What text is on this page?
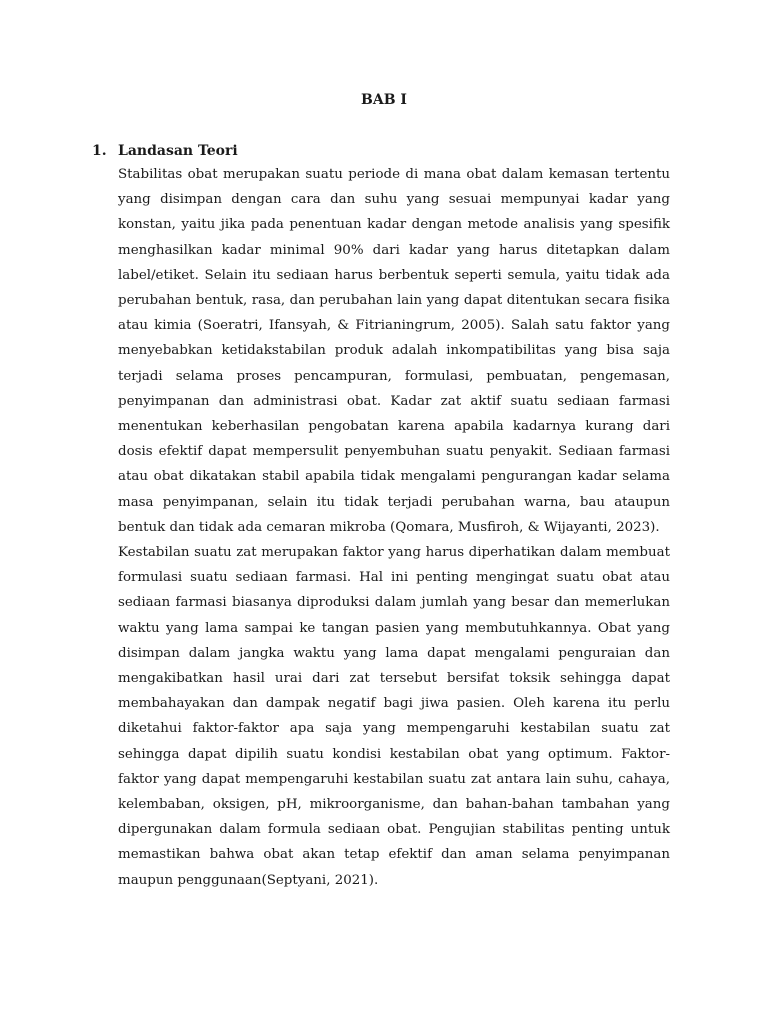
BAB I
1. Landasan Teori

Stabilitas obat merupakan suatu periode di mana obat dalam kemasan tertentu yang disimpan dengan cara dan suhu yang sesuai mempunyai kadar yang konstan, yaitu jika pada penentuan kadar dengan metode analisis yang spesifik menghasilkan kadar minimal 90% dari kadar yang harus ditetapkan dalam label/etiket. Selain itu sediaan harus berbentuk seperti semula, yaitu tidak ada perubahan bentuk, rasa, dan perubahan lain yang dapat ditentukan secara fisika atau kimia (Soeratri, Ifansyah, & Fitrianingrum, 2005). Salah satu faktor yang menyebabkan ketidakstabilan produk adalah inkompatibilitas yang bisa saja terjadi selama proses pencampuran, formulasi, pembuatan, pengemasan, penyimpanan dan administrasi obat. Kadar zat aktif suatu sediaan farmasi menentukan keberhasilan pengobatan karena apabila kadarnya kurang dari dosis efektif dapat mempersulit penyembuhan suatu penyakit. Sediaan farmasi atau obat dikatakan stabil apabila tidak mengalami pengurangan kadar selama masa penyimpanan, selain itu tidak terjadi perubahan warna, bau ataupun bentuk dan tidak ada cemaran mikroba (Qomara, Musfiroh, & Wijayanti, 2023).

Kestabilan suatu zat merupakan faktor yang harus diperhatikan dalam membuat formulasi suatu sediaan farmasi. Hal ini penting mengingat suatu obat atau sediaan farmasi biasanya diproduksi dalam jumlah yang besar dan memerlukan waktu yang lama sampai ke tangan pasien yang membutuhkannya. Obat yang disimpan dalam jangka waktu yang lama dapat mengalami penguraian dan mengakibatkan hasil urai dari zat tersebut bersifat toksik sehingga dapat membahayakan dan dampak negatif bagi jiwa pasien. Oleh karena itu perlu diketahui faktor-faktor apa saja yang mempengaruhi kestabilan suatu zat sehingga dapat dipilih suatu kondisi kestabilan obat yang optimum. Faktor-faktor yang dapat mempengaruhi kestabilan suatu zat antara lain suhu, cahaya, kelembaban, oksigen, pH, mikroorganisme, dan bahan-bahan tambahan yang dipergunakan dalam formula sediaan obat. Pengujian stabilitas penting untuk memastikan bahwa obat akan tetap efektif dan aman selama penyimpanan maupun penggunaan(Septyani, 2021).
